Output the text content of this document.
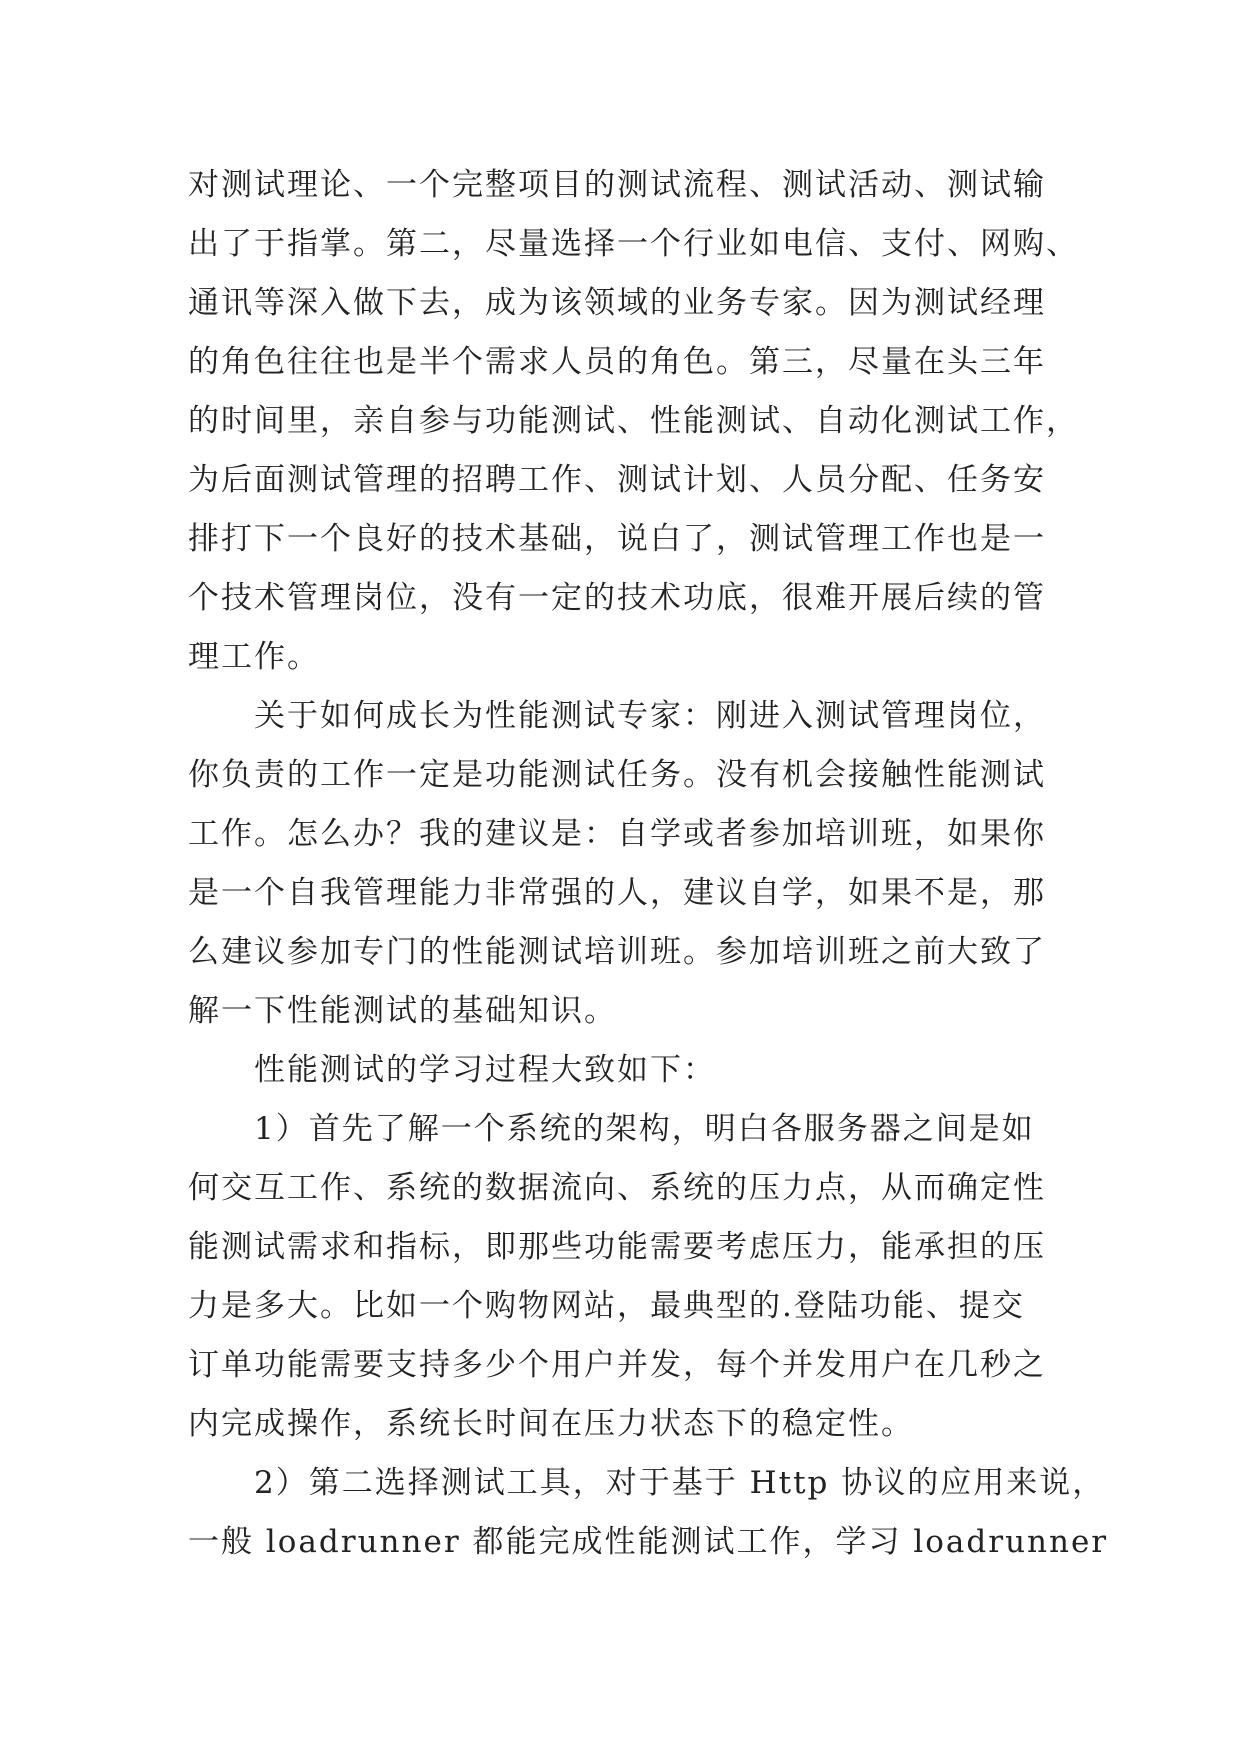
对测试理论、一个完整项目的测试流程、测试活动、测试输
出了于指掌。第二，尽量选择一个行业如电信、支付、网购、
通讯等深入做下去，成为该领域的业务专家。因为测试经理
的角色往往也是半个需求人员的角色。第三，尽量在头三年
的时间里，亲自参与功能测试、性能测试、自动化测试工作，
为后面测试管理的招聘工作、测试计划、人员分配、任务安
排打下一个良好的技术基础，说白了，测试管理工作也是一
个技术管理岗位，没有一定的技术功底，很难开展后续的管
理工作。
　　关于如何成长为性能测试专家：刚进入测试管理岗位，
你负责的工作一定是功能测试任务。没有机会接触性能测试
工作。怎么办？我的建议是：自学或者参加培训班，如果你
是一个自我管理能力非常强的人，建议自学，如果不是，那
么建议参加专门的性能测试培训班。参加培训班之前大致了
解一下性能测试的基础知识。
　　性能测试的学习过程大致如下：
　　1）首先了解一个系统的架构，明白各服务器之间是如
何交互工作、系统的数据流向、系统的压力点，从而确定性
能测试需求和指标，即那些功能需要考虑压力，能承担的压
力是多大。比如一个购物网站，最典型的.登陆功能、提交
订单功能需要支持多少个用户并发，每个并发用户在几秒之
内完成操作，系统长时间在压力状态下的稳定性。
　　2）第二选择测试工具，对于基于 Http 协议的应用来说，
一般 loadrunner 都能完成性能测试工作，学习 loadrunner
